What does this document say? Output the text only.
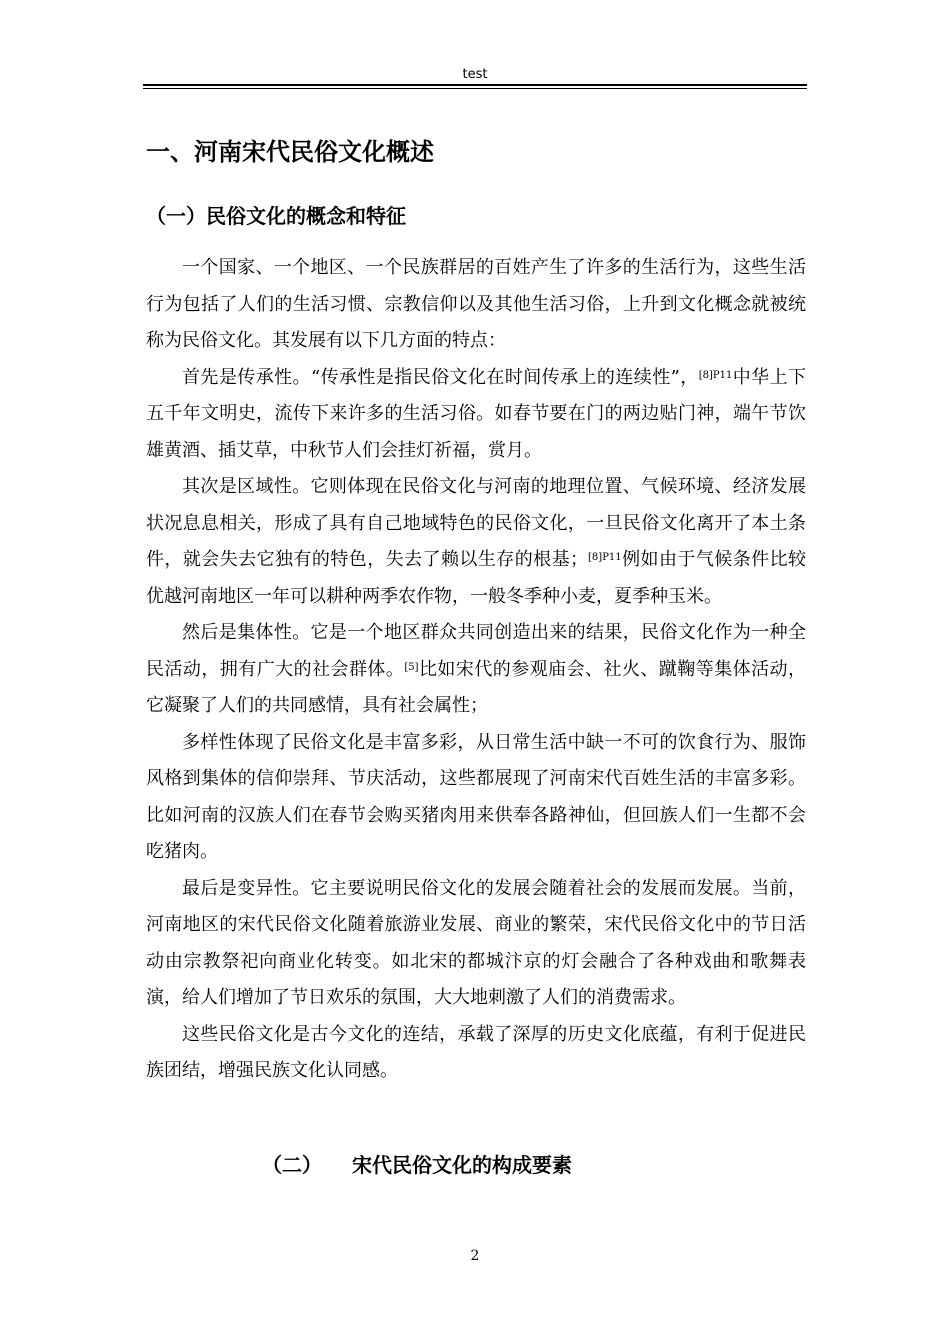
test
一、河南宋代民俗文化概述
（一）民俗文化的概念和特征

一个国家、一个地区、一个民族群居的百姓产生了许多的生活行为，这些生活行为包括了人们的生活习惯、宗教信仰以及其他生活习俗，上升到文化概念就被统称为民俗文化。其发展有以下几方面的特点：

首先是传承性。“传承性是指民俗文化在时间传承上的连续性”，$^{[8]P11}$中华上下五千年文明史，流传下来许多的生活习俗。如春节要在门的两边贴门神，端午节饮雄黄酒、插艾草，中秋节人们会挂灯祈福，赏月。

其次是区域性。它则体现在民俗文化与河南的地理位置、气候环境、经济发展状况息息相关，形成了具有自己地域特色的民俗文化，一旦民俗文化离开了本土条件，就会失去它独有的特色，失去了赖以生存的根基；$^{[8]P11}$例如由于气候条件比较优越河南地区一年可以耕种两季农作物，一般冬季种小麦，夏季种玉米。

然后是集体性。它是一个地区群众共同创造出来的结果，民俗文化作为一种全民活动，拥有广大的社会群体。[5]比如宋代的参观庙会、社火、蹴鞠等集体活动，它凝聚了人们的共同感情，具有社会属性；

多样性体现了民俗文化是丰富多彩，从日常生活中缺一不可的饮食行为、服饰风格到集体的信仰崇拜、节庆活动，这些都展现了河南宋代百姓生活的丰富多彩。比如河南的汉族人们在春节会购买猪肉用来供奉各路神仙，但回族人们一生都不会吃猪肉。

最后是变异性。它主要说明民俗文化的发展会随着社会的发展而发展。当前，河南地区的宋代民俗文化随着旅游业发展、商业的繁荣，宋代民俗文化中的节日活动由宗教祭祀向商业化转变。如北宋的都城汴京的灯会融合了各种戏曲和歌舞表演，给人们增加了节日欢乐的氛围，大大地刺激了人们的消费需求。

这些民俗文化是古今文化的连结，承载了深厚的历史文化底蕴，有利于促进民族团结，增强民族文化认同感。

（二） 宋代民俗文化的构成要素
2
